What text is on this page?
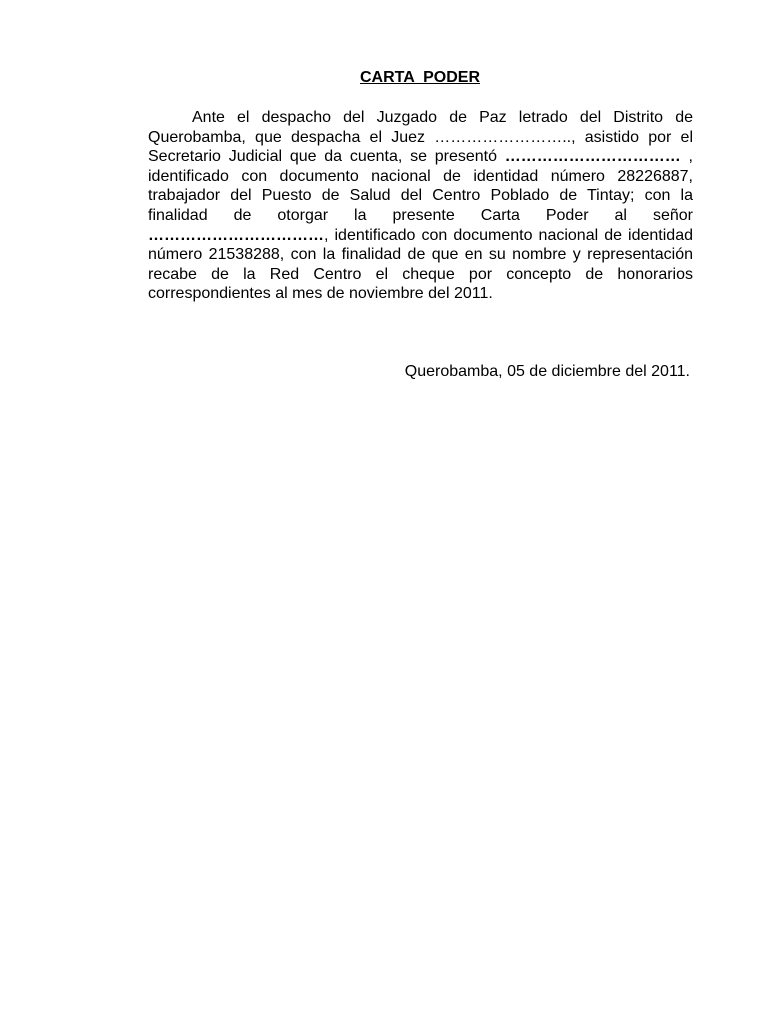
CARTA  PODER

Ante el despacho del Juzgado de Paz letrado del Distrito de Querobamba, que despacha el Juez …………………….., asistido por el Secretario Judicial que da cuenta, se presentó …………………………… , identificado con documento nacional de identidad número 28226887, trabajador del Puesto de Salud del Centro Poblado de Tintay; con la finalidad de otorgar la presente Carta Poder al señor ……………………………, identificado con documento nacional de identidad número 21538288, con la finalidad de que en su nombre y representación recabe de la Red Centro el cheque por concepto de honorarios correspondientes al mes de noviembre del 2011.

Querobamba, 05 de diciembre del 2011.
